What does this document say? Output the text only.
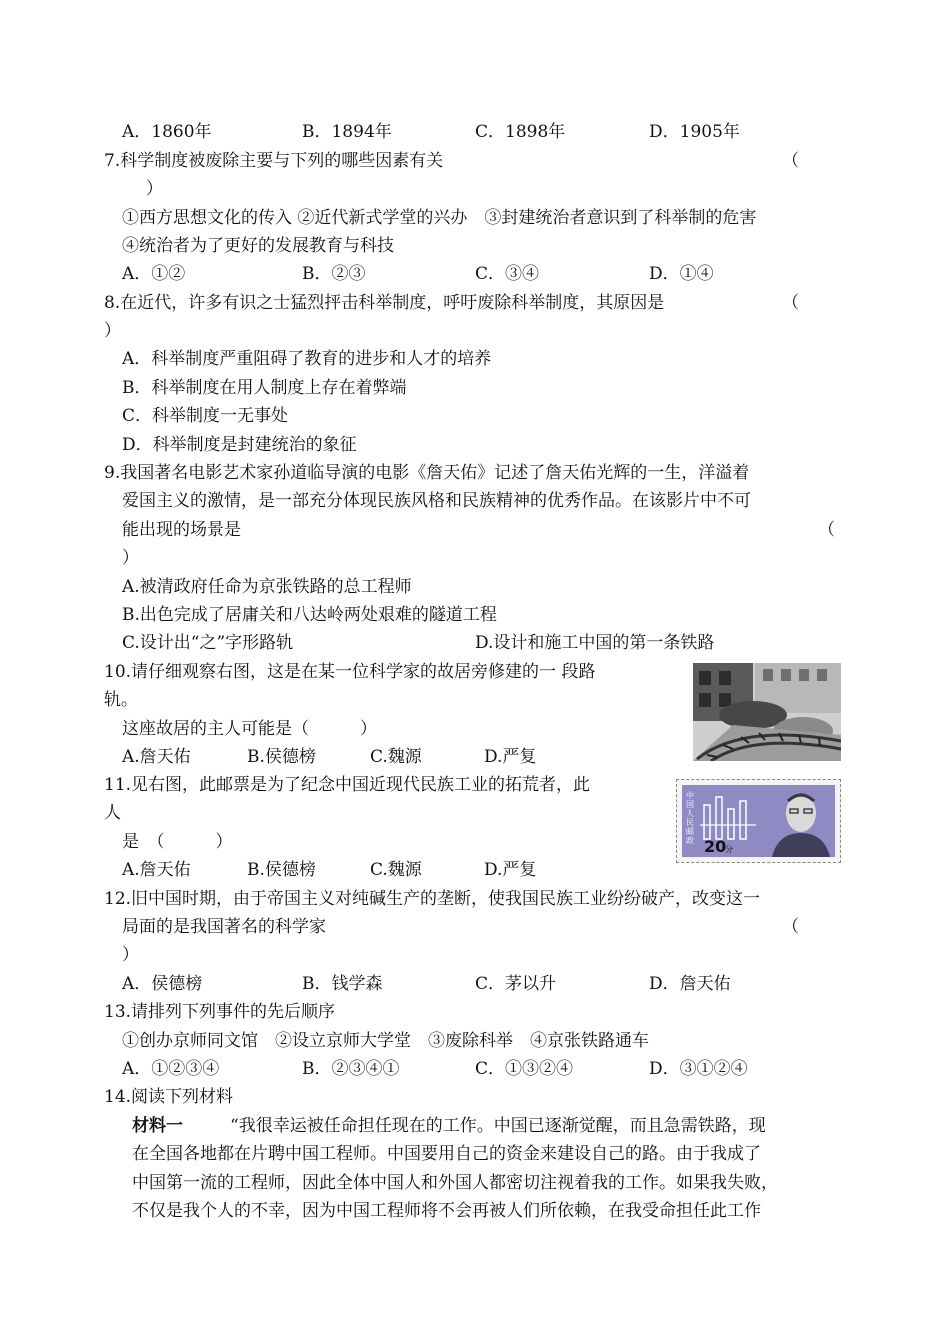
A．1860年	B．1894年	C．1898年	D．1905年
7.科学制度被废除主要与下列的哪些因素有关	（
）
①西方思想文化的传入 ②近代新式学堂的兴办　③封建统治者意识到了科举制的危害
④统治者为了更好的发展教育与科技
A．①②	B．②③	C．③④	D．①④
8.在近代，许多有识之士猛烈抨击科举制度，呼吁废除科举制度，其原因是	（
）
A．科举制度严重阻碍了教育的进步和人才的培养
B．科举制度在用人制度上存在着弊端
C．科举制度一无事处
D．科举制度是封建统治的象征
9.我国著名电影艺术家孙道临导演的电影《詹天佑》记述了詹天佑光辉的一生，洋溢着
爱国主义的激情，是一部充分体现民族风格和民族精神的优秀作品。在该影片中不可
能出现的场景是	（
）
A.被清政府任命为京张铁路的总工程师
B.出色完成了居庸关和八达岭两处艰难的隧道工程
C.设计出“之”字形路轨	D.设计和施工中国的第一条铁路
10.请仔细观察右图，这是在某一位科学家的故居旁修建的一 段路
轨。
这座故居的主人可能是（　　　）
A.詹天佑	B.侯德榜	C.魏源	D.严复
11.见右图，此邮票是为了纪念中国近现代民族工业的拓荒者，此
人
是　（　　　）
A.詹天佑	B.侯德榜	C.魏源	D.严复
中国人民邮政 20
分
12.旧中国时期，由于帝国主义对纯碱生产的垄断，使我国民族工业纷纷破产，改变这一
局面的是我国著名的科学家	（
）
A．侯德榜	B．钱学森	C．茅以升	D．詹天佑
13.请排列下列事件的先后顺序
①创办京师同文馆　②设立京师大学堂　③废除科举　④京张铁路通车
A．①②③④	B．②③④①	C．①③②④	D．③①②④
14.阅读下列材料
材料一	“我很幸运被任命担任现在的工作。中国已逐渐觉醒，而且急需铁路，现
在全国各地都在片聘中国工程师。中国要用自己的资金来建设自己的路。由于我成了
中国第一流的工程师，因此全体中国人和外国人都密切注视着我的工作。如果我失败，
不仅是我个人的不幸，因为中国工程师将不会再被人们所依赖，在我受命担任此工作
